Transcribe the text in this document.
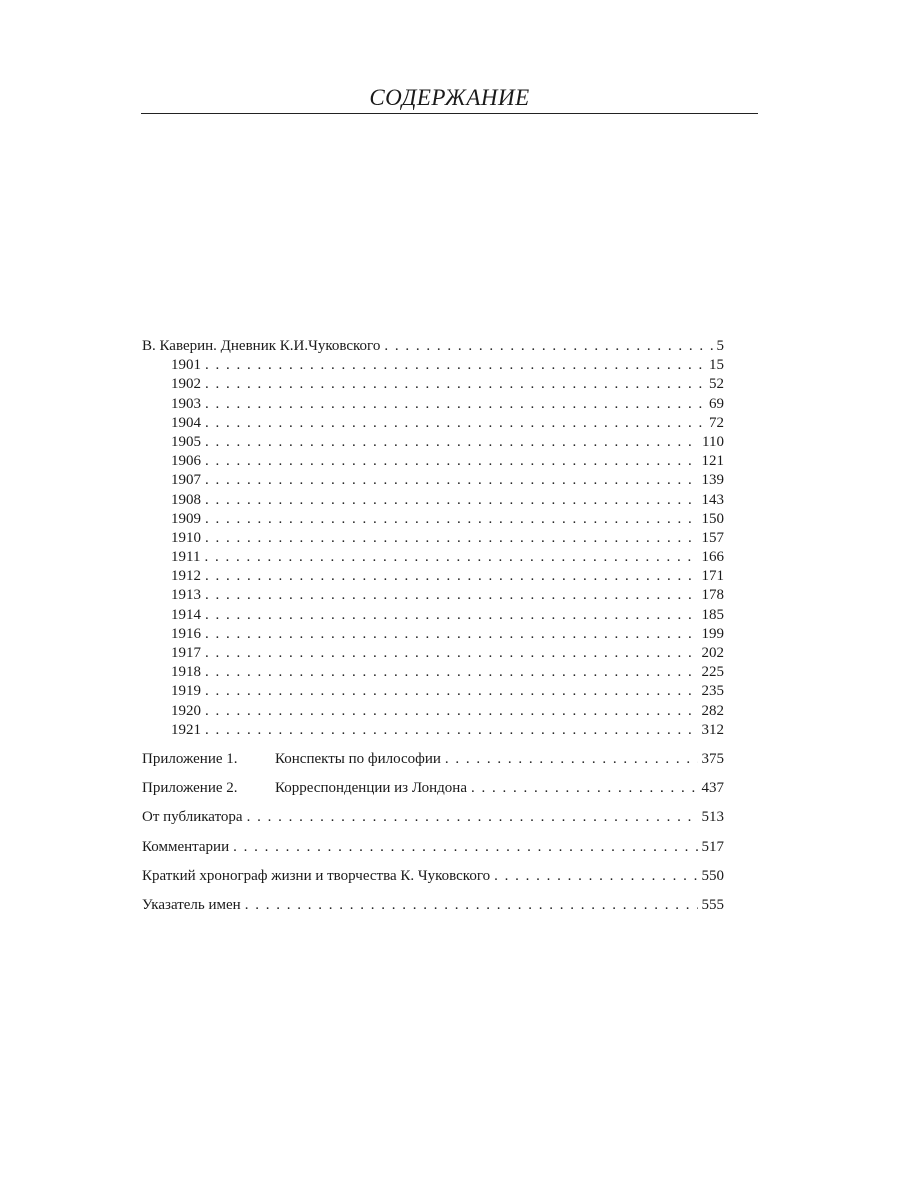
СОДЕРЖАНИЕ
В. Каверин. Дневник К.И.Чуковского . . .	5
1901 . . .	15
1902 . . .	52
1903 . . .	69
1904 . . .	72
1905 . . .	110
1906 . . .	121
1907 . . .	139
1908 . . .	143
1909 . . .	150
1910 . . .	157
1911 . . .	166
1912 . . .	171
1913 . . .	178
1914 . . .	185
1916 . . .	199
1917 . . .	202
1918 . . .	225
1919 . . .	235
1920 . . .	282
1921 . . .	312
Приложение 1. Конспекты по философии . . .	375
Приложение 2. Корреспонденции из Лондона . . .	437
От публикатора . . .	513
Комментарии . . .	517
Краткий хронограф жизни и творчества К. Чуковского . . .	550
Указатель имен . . .	555
